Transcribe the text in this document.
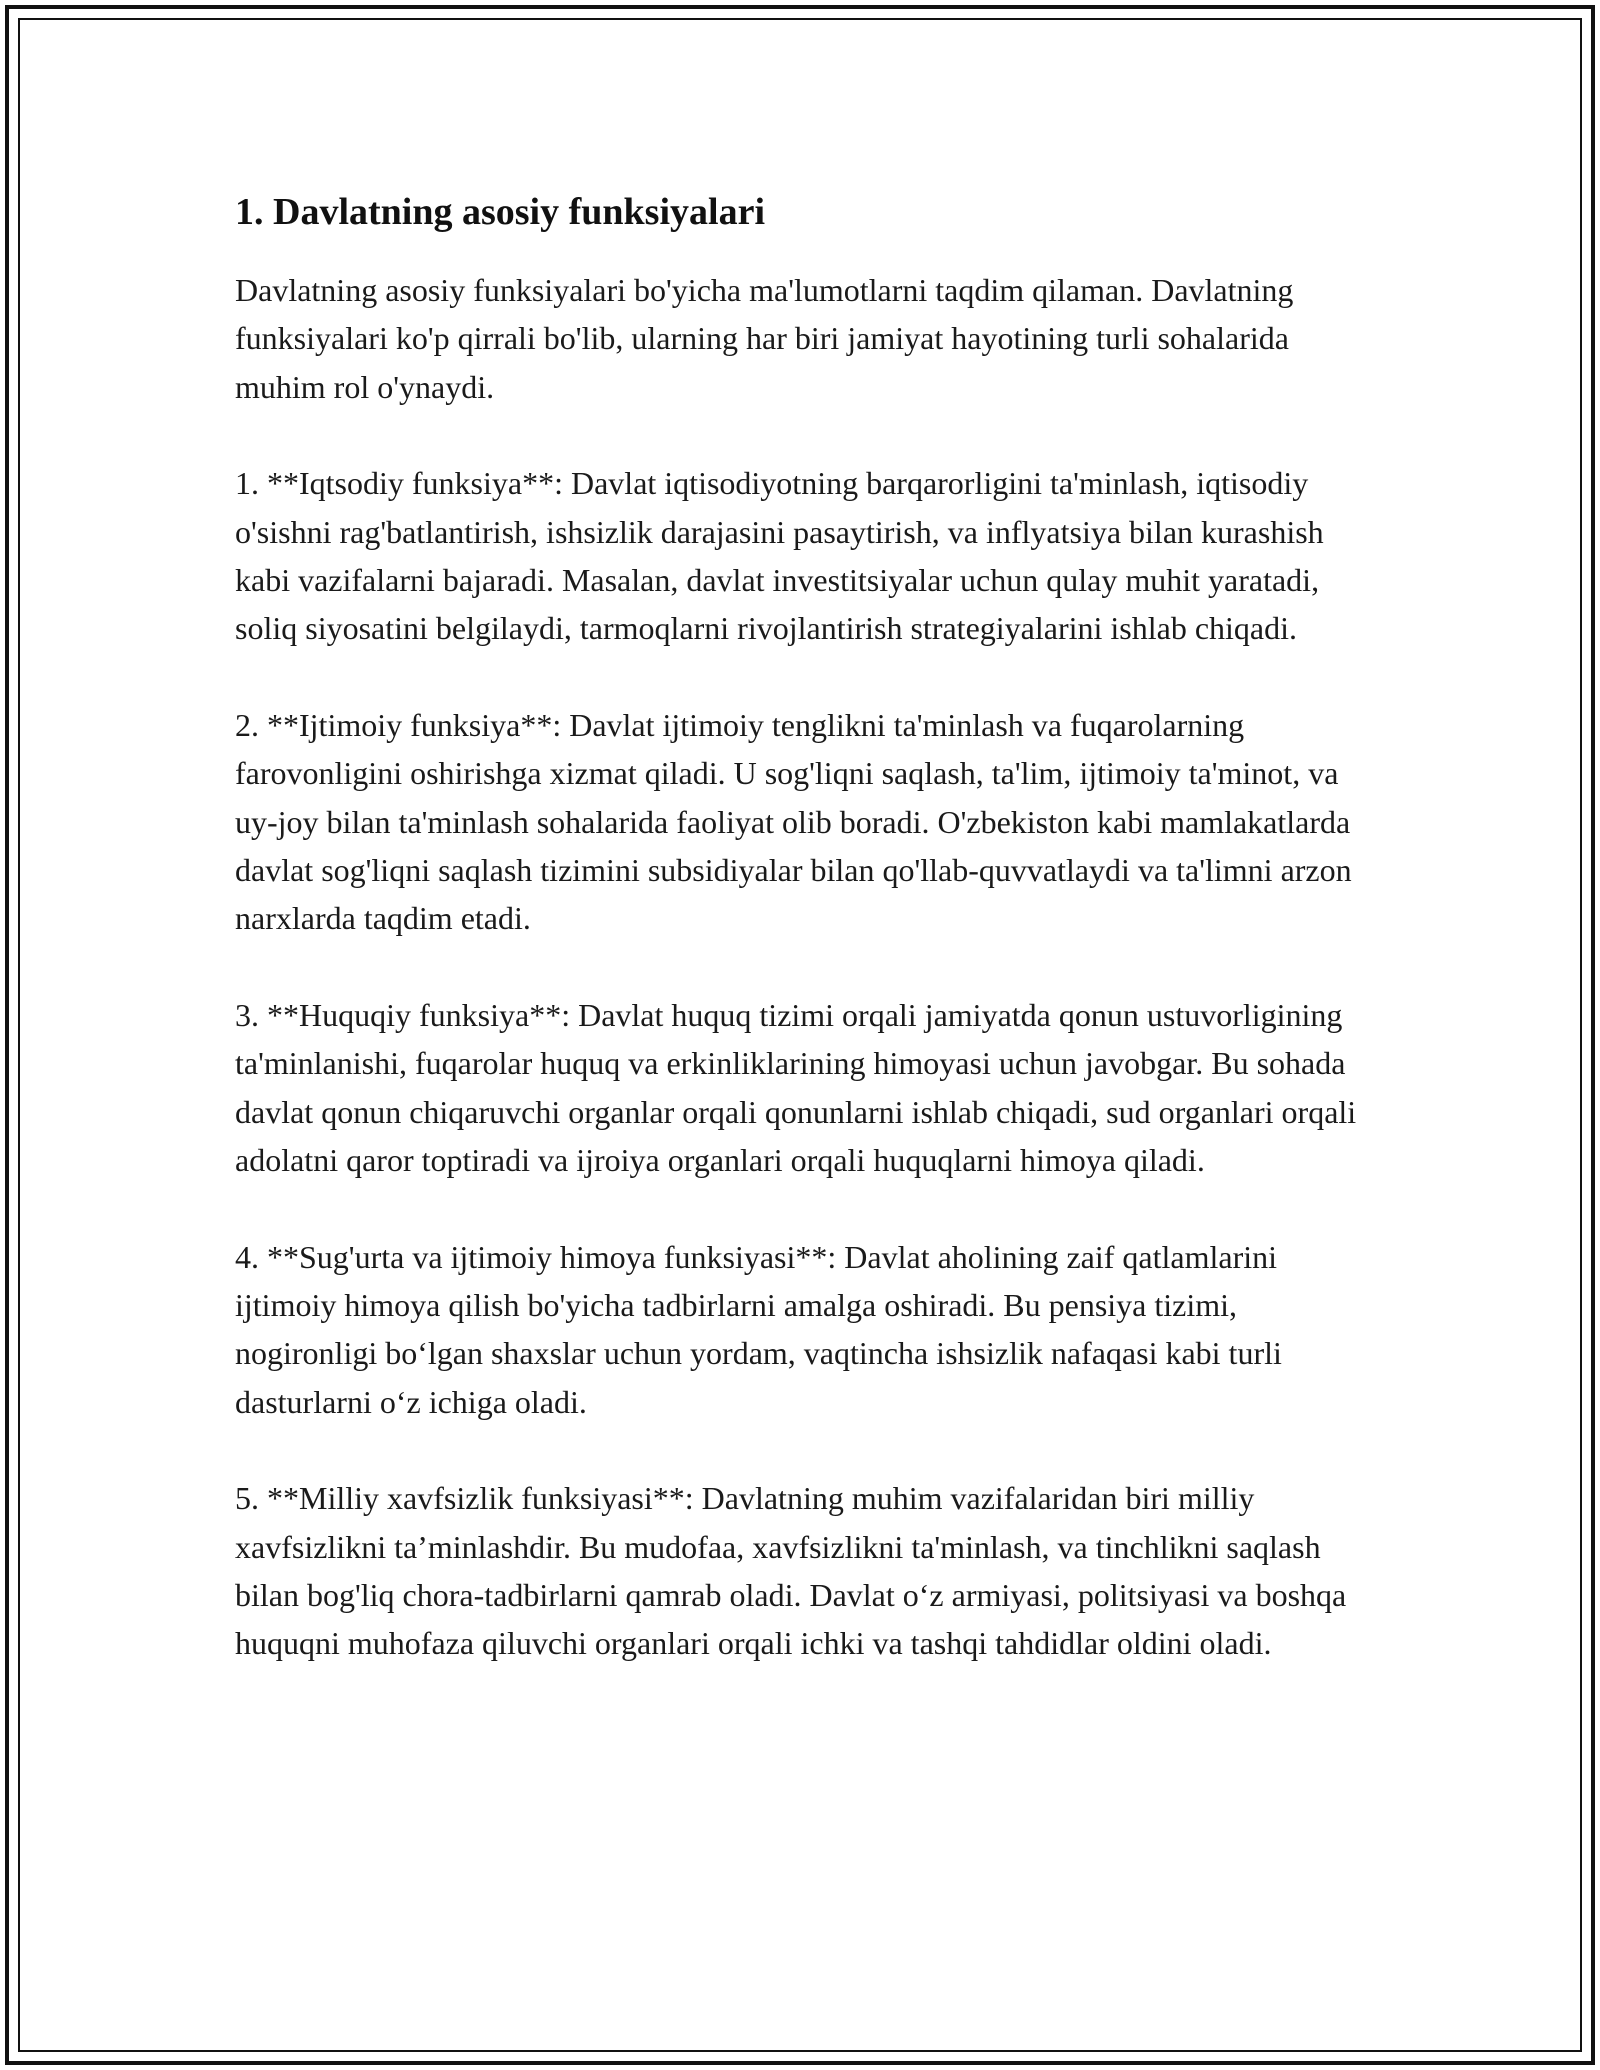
1. Davlatning asosiy funksiyalari

Davlatning asosiy funksiyalari bo'yicha ma'lumotlarni taqdim qilaman. Davlatning funksiyalari ko'p qirrali bo'lib, ularning har biri jamiyat hayotining turli sohalarida muhim rol o'ynaydi.

1. **Iqtsodiy funksiya**: Davlat iqtisodiyotning barqarorligini ta'minlash, iqtisodiy o'sishni rag'batlantirish, ishsizlik darajasini pasaytirish, va inflyatsiya bilan kurashish kabi vazifalarni bajaradi. Masalan, davlat investitsiyalar uchun qulay muhit yaratadi, soliq siyosatini belgilaydi, tarmoqlarni rivojlantirish strategiyalarini ishlab chiqadi.

2. **Ijtimoiy funksiya**: Davlat ijtimoiy tenglikni ta'minlash va fuqarolarning farovonligini oshirishga xizmat qiladi. U sog'liqni saqlash, ta'lim, ijtimoiy ta'minot, va uy-joy bilan ta'minlash sohalarida faoliyat olib boradi. O'zbekiston kabi mamlakatlarda davlat sog'liqni saqlash tizimini subsidiyalar bilan qo'llab-quvvatlaydi va ta'limni arzon narxlarda taqdim etadi.

3. **Huquqiy funksiya**: Davlat huquq tizimi orqali jamiyatda qonun ustuvorligining ta'minlanishi, fuqarolar huquq va erkinliklarining himoyasi uchun javobgar. Bu sohada davlat qonun chiqaruvchi organlar orqali qonunlarni ishlab chiqadi, sud organlari orqali adolatni qaror toptiradi va ijroiya organlari orqali huquqlarni himoya qiladi.

4. **Sug'urta va ijtimoiy himoya funksiyasi**: Davlat aholining zaif qatlamlarini ijtimoiy himoya qilish bo'yicha tadbirlarni amalga oshiradi. Bu pensiya tizimi, nogironligi bo‘lgan shaxslar uchun yordam, vaqtincha ishsizlik nafaqasi kabi turli dasturlarni o‘z ichiga oladi.

5. **Milliy xavfsizlik funksiyasi**: Davlatning muhim vazifalaridan biri milliy xavfsizlikni ta’minlashdir. Bu mudofaa, xavfsizlikni ta'minlash, va tinchlikni saqlash bilan bog'liq chora-tadbirlarni qamrab oladi. Davlat o‘z armiyasi, politsiyasi va boshqa huquqni muhofaza qiluvchi organlari orqali ichki va tashqi tahdidlar oldini oladi.
